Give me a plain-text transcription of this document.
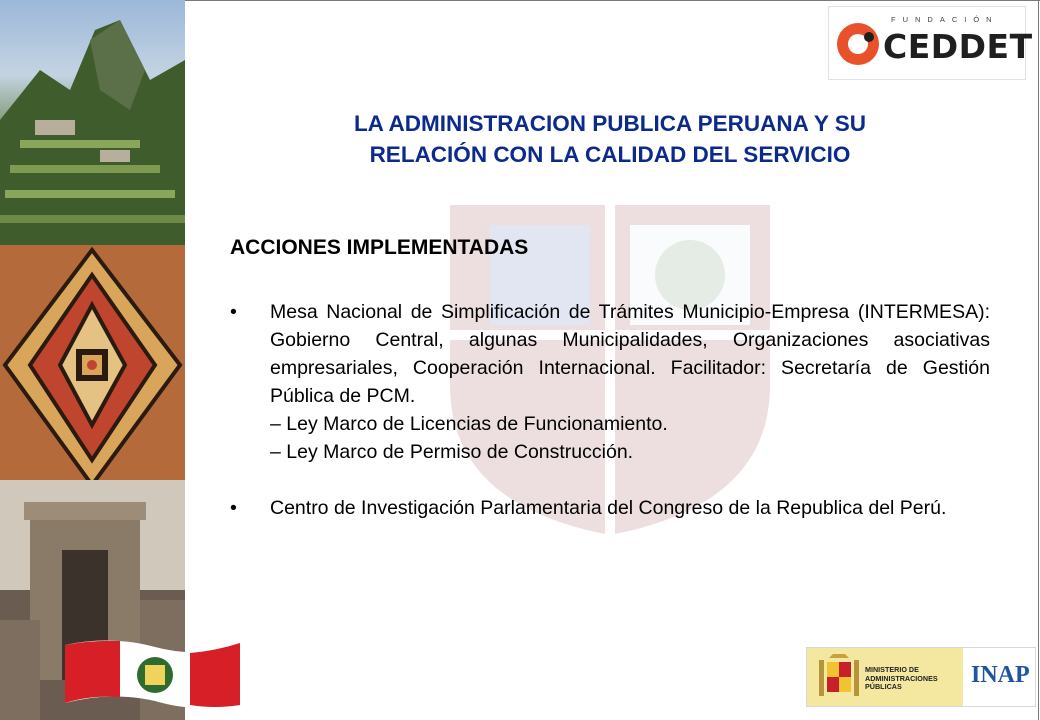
FUNDACIÓN
CEDDET
LA ADMINISTRACION PUBLICA PERUANA Y SU
RELACIÓN CON LA CALIDAD DEL SERVICIO
ACCIONES IMPLEMENTADAS
• Mesa Nacional de Simplificación de Trámites Municipio-Empresa (INTERMESA): Gobierno Central, algunas Municipalidades, Organizaciones asociativas empresariales, Cooperación Internacional. Facilitador: Secretaría de Gestión Pública de PCM.
– Ley Marco de Licencias de Funcionamiento.
– Ley Marco de Permiso de Construcción.
• Centro de Investigación Parlamentaria del Congreso de la Republica del Perú.
MINISTERIO DE ADMINISTRACIONES PÚBLICAS	INAP
